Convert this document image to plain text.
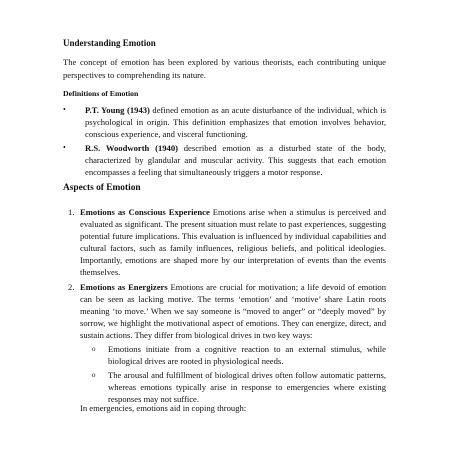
Understanding Emotion

The concept of emotion has been explored by various theorists, each contributing unique perspectives to comprehending its nature.

Definitions of Emotion
• P.T. Young (1943) defined emotion as an acute disturbance of the individual, which is psychological in origin. This definition emphasizes that emotion involves behavior, conscious experience, and visceral functioning.
• R.S. Woodworth (1940) described emotion as a disturbed state of the body, characterized by glandular and muscular activity. This suggests that each emotion encompasses a feeling that simultaneously triggers a motor response.
Aspects of Emotion
1. Emotions as Conscious Experience Emotions arise when a stimulus is perceived and evaluated as significant. The present situation must relate to past experiences, suggesting potential future implications. This evaluation is influenced by individual capabilities and cultural factors, such as family influences, religious beliefs, and political ideologies. Importantly, emotions are shaped more by our interpretation of events than the events themselves.
2. Emotions as Energizers Emotions are crucial for motivation; a life devoid of emotion can be seen as lacking motive. The terms ‘emotion’ and ‘motive’ share Latin roots meaning ‘to move.’ When we say someone is “moved to anger” or “deeply moved” by sorrow, we highlight the motivational aspect of emotions. They can energize, direct, and sustain actions. They differ from biological drives in two key ways:
o Emotions initiate from a cognitive reaction to an external stimulus, while biological drives are rooted in physiological needs.
o The arousal and fulfillment of biological drives often follow automatic patterns, whereas emotions typically arise in response to emergencies where existing responses may not suffice.
In emergencies, emotions aid in coping through:
